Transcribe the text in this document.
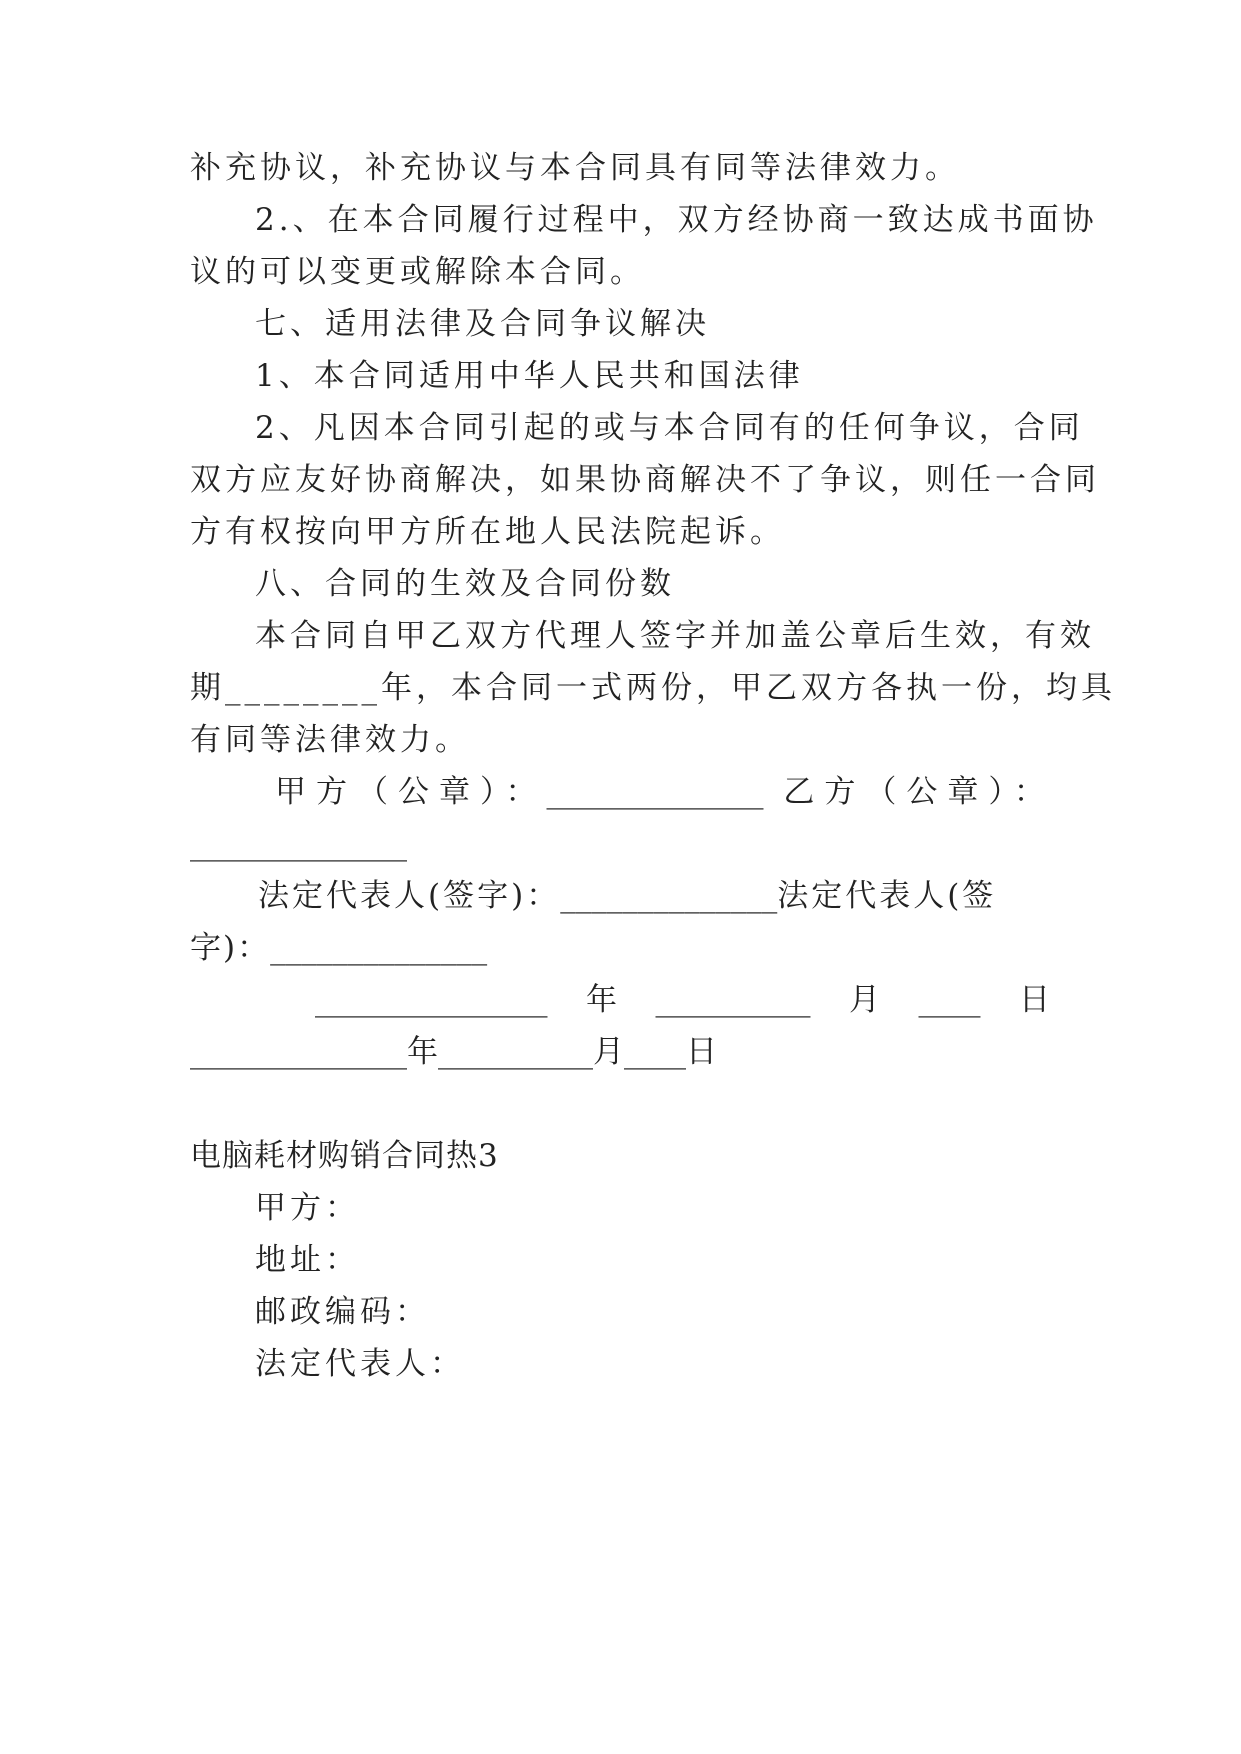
补充协议，补充协议与本合同具有同等法律效力。
2.、在本合同履行过程中，双方经协商一致达成书面协
议的可以变更或解除本合同。
七、适用法律及合同争议解决
1、本合同适用中华人民共和国法律
2、凡因本合同引起的或与本合同有的任何争议，合同
双方应友好协商解决，如果协商解决不了争议，则任一合同
方有权按向甲方所在地人民法院起诉。
八、合同的生效及合同份数
本合同自甲乙双方代理人签字并加盖公章后生效，有效
期________年，本合同一式两份，甲乙双方各执一份，均具
有同等法律效力。
甲方（公章）：______________ 乙方（公章）：
______________
法定代表人(签字)：______________法定代表人(签
字)：______________
_______________ 年 __________ 月 ____ 日
______________年__________月____日
电脑耗材购销合同热3
甲方：
地址：
邮政编码：
法定代表人：
